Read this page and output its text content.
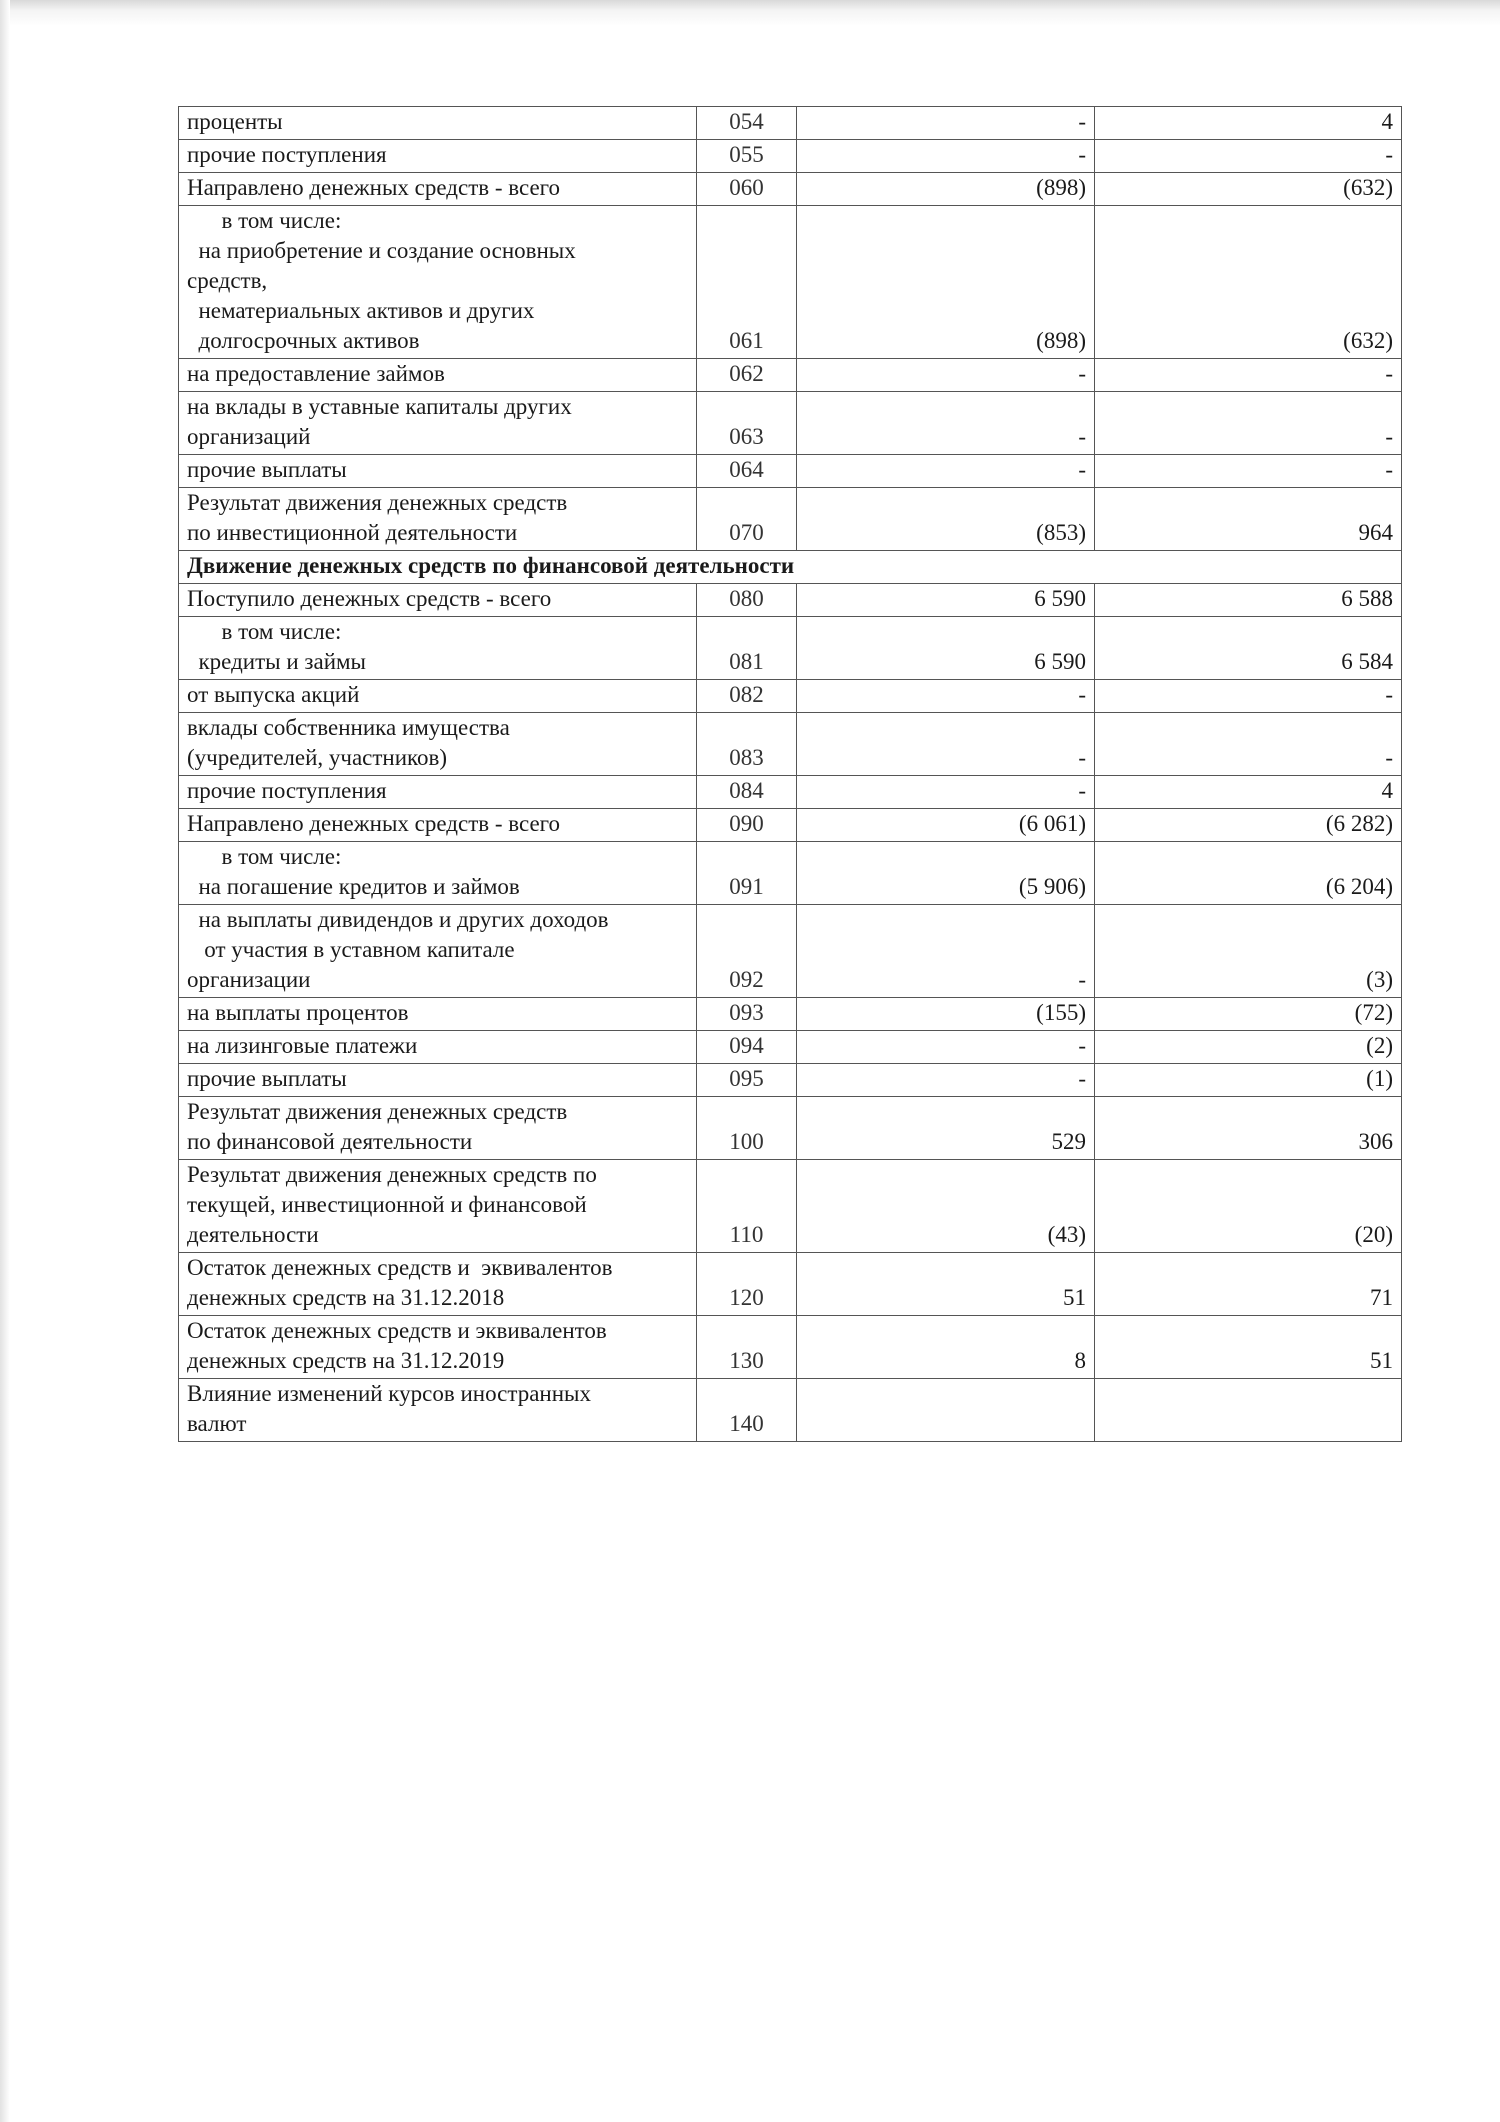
проценты	054	-	4

прочие поступления	055	-	-

Направлено денежных средств - всего	060	(898)	(632)

в том числе:
на приобретение и создание основных
средств,
нематериальных активов и других
долгосрочных активов	061	(898)	(632)

на предоставление займов	062	-	-

на вклады в уставные капиталы других
организаций	063	-	-

прочие выплаты	064	-	-

Результат движения денежных средств
по инвестиционной деятельности	070	(853)	964

Движение денежных средств по финансовой деятельности			

Поступило денежных средств - всего	080	6 590	6 588

в том числе:
кредиты и займы	081	6 590	6 584

от выпуска акций	082	-	-

вклады собственника имущества
(учредителей, участников)	083	-	-

прочие поступления	084	-	4

Направлено денежных средств - всего	090	(6 061)	(6 282)

в том числе:
на погашение кредитов и займов	091	(5 906)	(6 204)

на выплаты дивидендов и других доходов
от участия в уставном капитале
организации	092	-	(3)

на выплаты процентов	093	(155)	(72)

на лизинговые платежи	094	-	(2)

прочие выплаты	095	-	(1)

Результат движения денежных средств
по финансовой деятельности	100	529	306

Результат движения денежных средств по
текущей, инвестиционной и финансовой
деятельности	110	(43)	(20)

Остаток денежных средств и  эквивалентов
денежных средств на 31.12.2018	120	51	71

Остаток денежных средств и эквивалентов
денежных средств на 31.12.2019	130	8	51

Влияние изменений курсов иностранных
валют	140		
